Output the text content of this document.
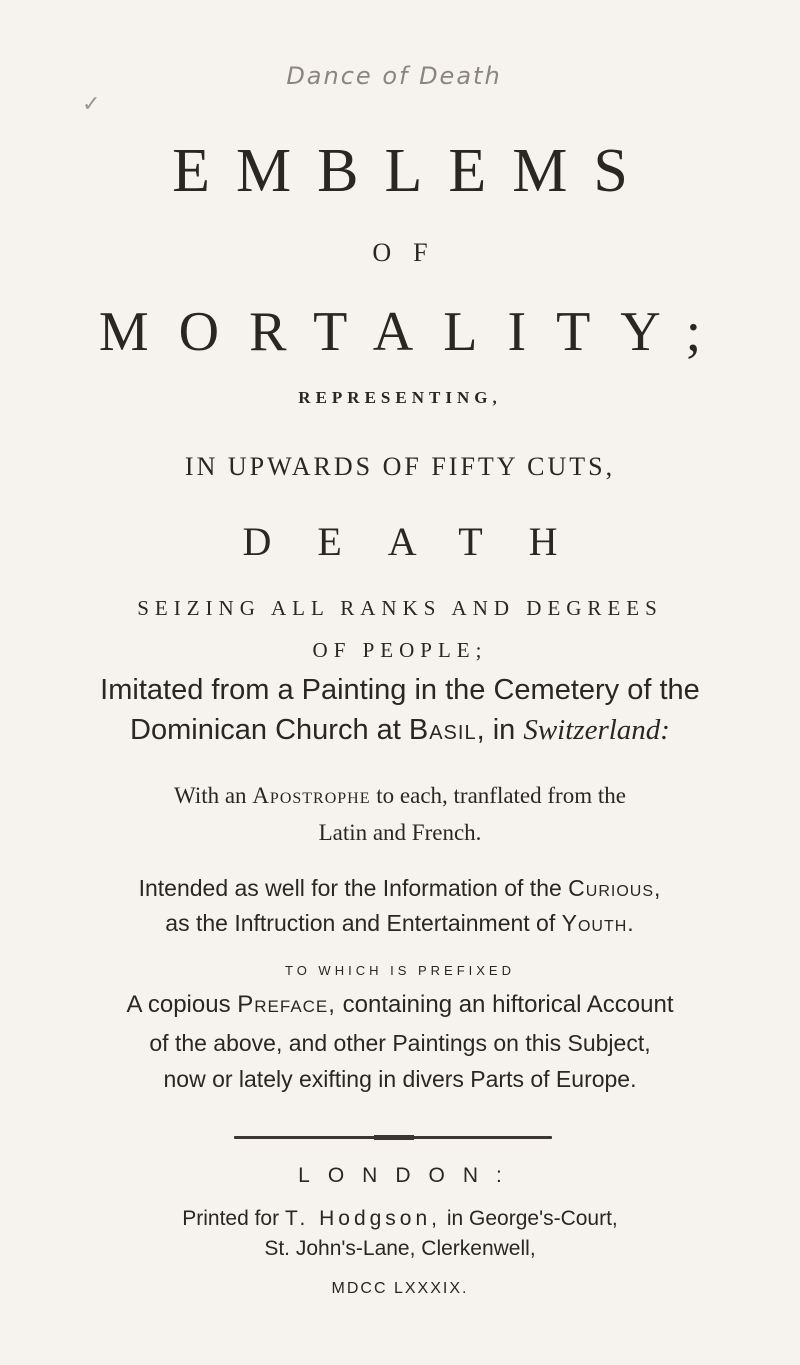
Dance of Death
✓
EMBLEMS
OF
MORTALITY;
REPRESENTING,
IN UPWARDS OF FIFTY CUTS,
DEATH
SEIZING ALL RANKS AND DEGREES
OF PEOPLE;
Imitated from a Painting in the Cemetery of the
Dominican Church at Basil, in Switzerland:
With an Apostrophe to each, tranflated from the
Latin and French.
Intended as well for the Information of the Curious,
as the Inftruction and Entertainment of Youth.
TO WHICH IS PREFIXED
A copious Preface, containing an hiftorical Account
of the above, and other Paintings on this Subject,
now or lately exifting in divers Parts of Europe.
LONDON:
Printed for T. Hodgson, in George's-Court,
St. John's-Lane, Clerkenwell,
MDCC LXXXIX.
